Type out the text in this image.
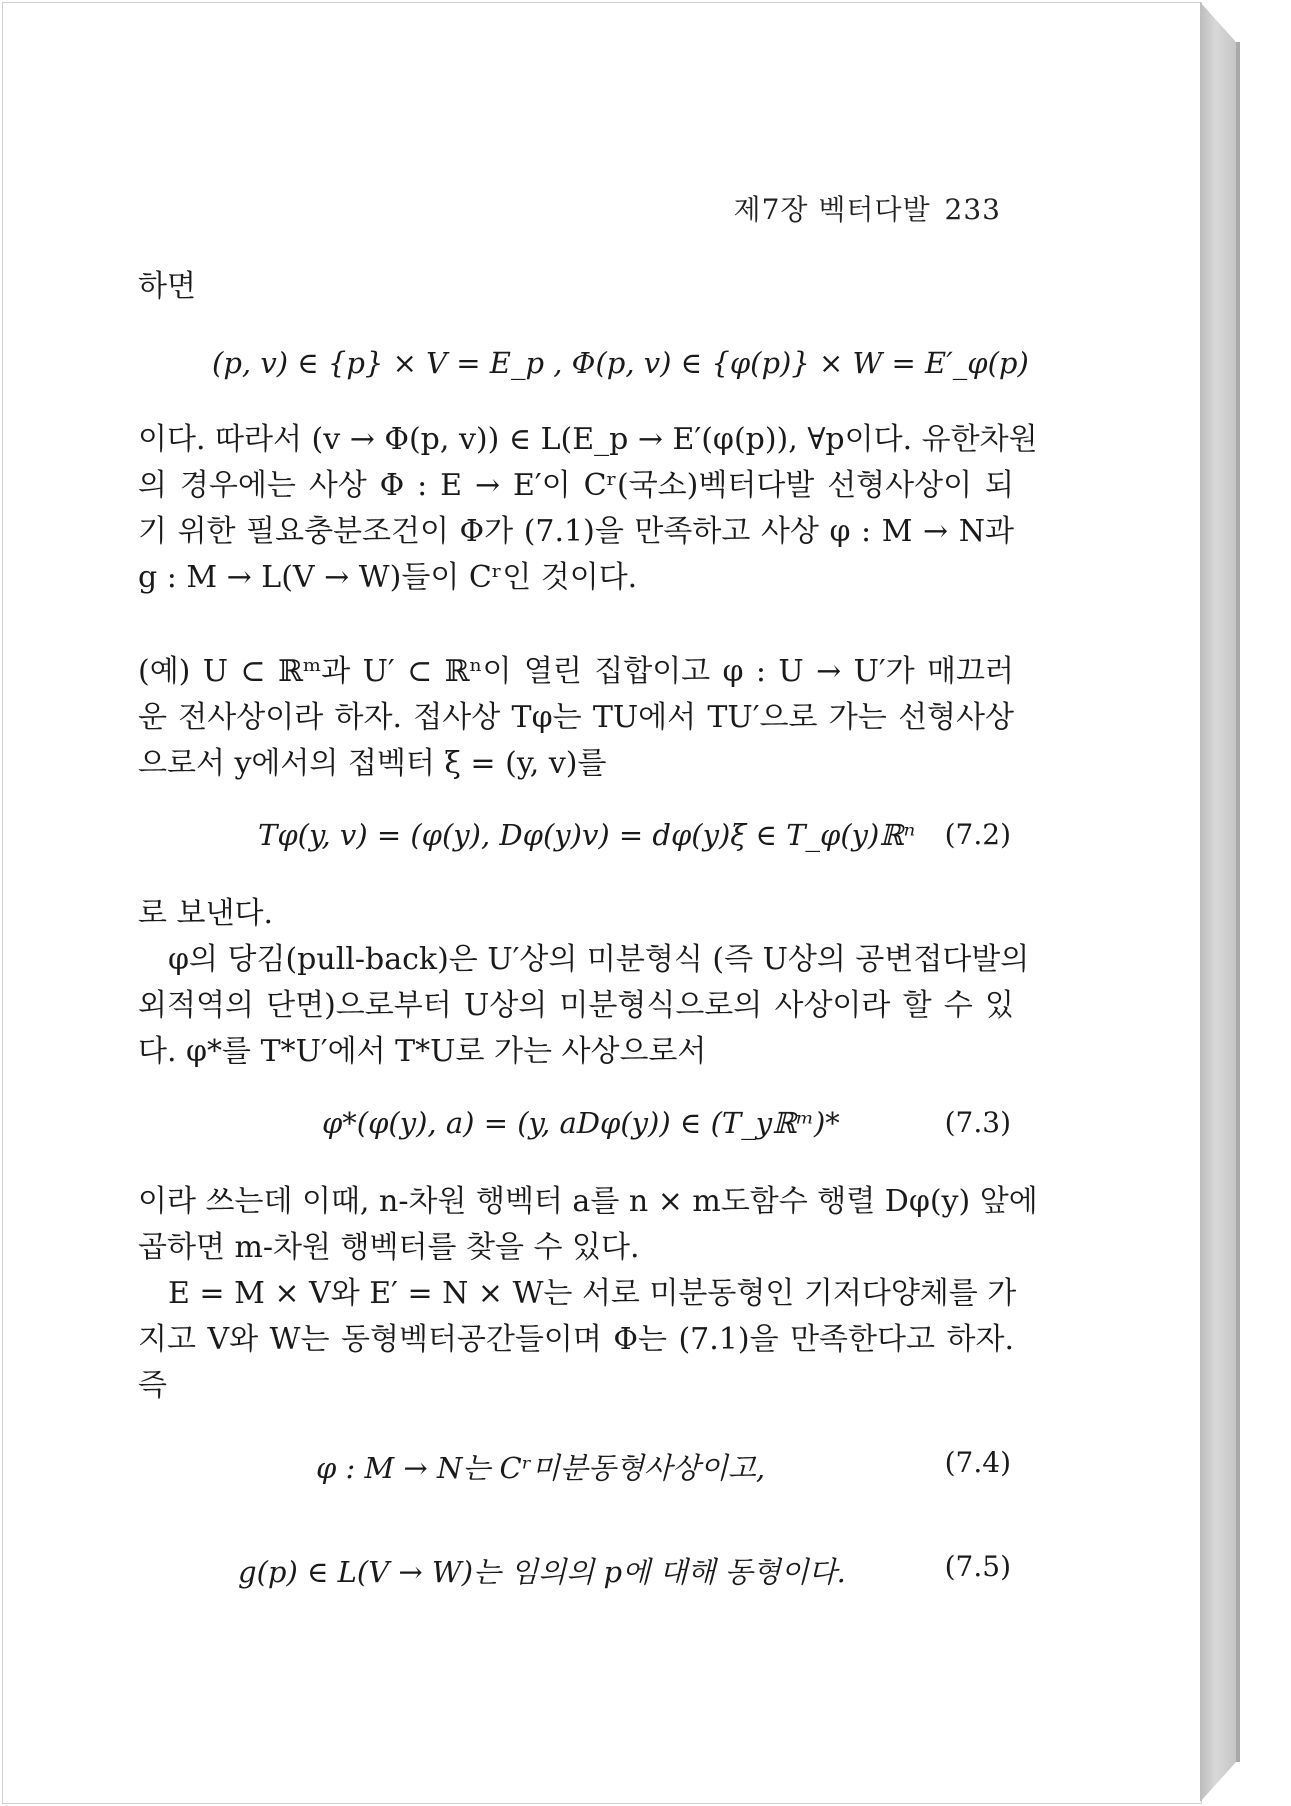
제7장 벡터다발 233
하면
(p, v) ∈ {p} × V = E_p , Φ(p, v) ∈ {φ(p)} × W = E′_φ(p)
이다. 따라서 (v → Φ(p, v)) ∈ L(E_p → E′(φ(p)), ∀p이다. 유한차원
의 경우에는 사상 Φ : E → E′이 Cʳ(국소)벡터다발 선형사상이 되
기 위한 필요충분조건이 Φ가 (7.1)을 만족하고 사상 φ : M → N과
g : M → L(V → W)들이 Cʳ인 것이다.
(예) U ⊂ ℝᵐ과 U′ ⊂ ℝⁿ이 열린 집합이고 φ : U → U′가 매끄러
운 전사상이라 하자. 접사상 Tφ는 TU에서 TU′으로 가는 선형사상
으로서 y에서의 접벡터 ξ = (y, v)를
Tφ(y, v) = (φ(y), Dφ(y)v) = dφ(y)ξ ∈ T_φ(y)ℝⁿ (7.2)
로 보낸다.
φ의 당김(pull-back)은 U′상의 미분형식 (즉 U상의 공변접다발의
외적역의 단면)으로부터 U상의 미분형식으로의 사상이라 할 수 있
다. φ*를 T*U′에서 T*U로 가는 사상으로서
φ*(φ(y), a) = (y, aDφ(y)) ∈ (T_yℝᵐ)*	(7.3)
이라 쓰는데 이때, n-차원 행벡터 a를 n × m도함수 행렬 Dφ(y) 앞에
곱하면 m-차원 행벡터를 찾을 수 있다.
E = M × V와 E′ = N × W는 서로 미분동형인 기저다양체를 가
지고 V와 W는 동형벡터공간들이며 Φ는 (7.1)을 만족한다고 하자.
즉
φ : M → N는 Cʳ미분동형사상이고,	(7.4)
g(p) ∈ L(V → W)는 임의의 p에 대해 동형이다.	(7.5)
